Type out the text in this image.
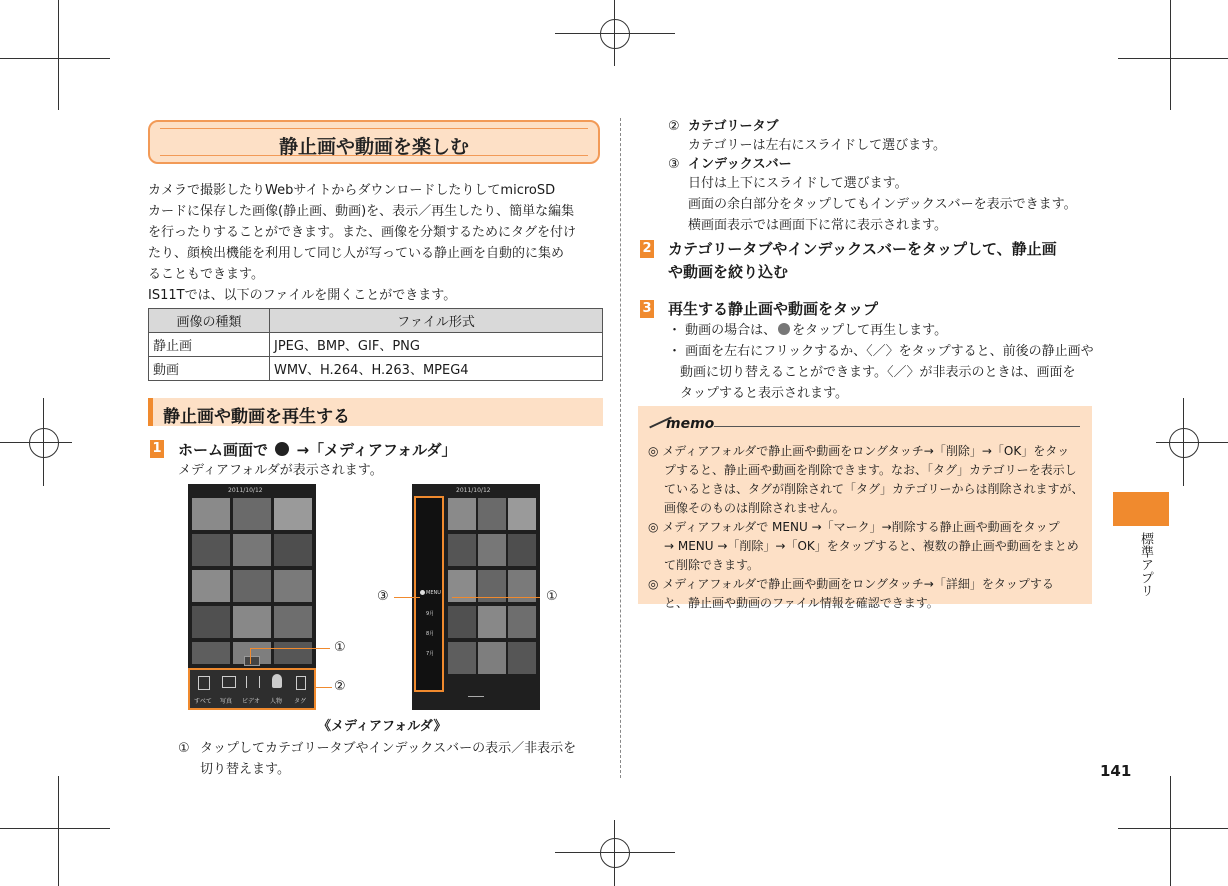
静止画や動画を楽しむ
カメラで撮影したりWebサイトからダウンロードしたりしてmicroSD
カードに保存した画像(静止画、動画)を、表示／再生したり、簡単な編集
を行ったりすることができます。また、画像を分類するためにタグを付け
たり、顔検出機能を利用して同じ人が写っている静止画を自動的に集め
ることもできます。
IS11Tでは、以下のファイルを開くことができます。
画像の種類	ファイル形式
静止画	JPEG、BMP、GIF、PNG
動画	WMV、H.264、H.263、MPEG4
静止画や動画を再生する
1 ホーム画面で →「メディアフォルダ」
メディアフォルダが表示されます。
2011/10/12
すべて 写真 ビデオ 人物 タグ
①
②
2011/10/12
MENU
9月
8月
7月
③	①
《メディアフォルダ》
① タップしてカテゴリータブやインデックスバーの表示／非表示を
切り替えます。
② カテゴリータブ
カテゴリーは左右にスライドして選びます。
③ インデックスバー
日付は上下にスライドして選びます。
画面の余白部分をタップしてもインデックスバーを表示できます。
横画面表示では画面下に常に表示されます。
2 カテゴリータブやインデックスバーをタップして、静止画
や動画を絞り込む
3 再生する静止画や動画をタップ
・ 動画の場合は、 をタップして再生します。
・ 画面を左右にフリックするか、〈／〉をタップすると、前後の静止画や
動画に切り替えることができます。〈／〉が非表示のときは、画面を
タップすると表示されます。
memo
◎ メディアフォルダで静止画や動画をロングタッチ→「削除」→「OK」をタッ
プすると、静止画や動画を削除できます。なお、「タグ」カテゴリーを表示し
ているときは、タグが削除されて「タグ」カテゴリーからは削除されますが、
画像そのものは削除されません。
◎ メディアフォルダで MENU →「マーク」→削除する静止画や動画をタップ
→ MENU →「削除」→「OK」をタップすると、複数の静止画や動画をまとめ
て削除できます。
◎ メディアフォルダで静止画や動画をロングタッチ→「詳細」をタップする
と、静止画や動画のファイル情報を確認できます。
標準アプリ
141
